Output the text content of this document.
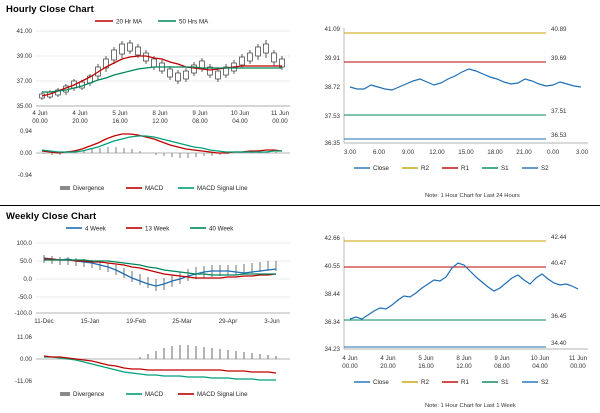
Hourly Close Chart
41.00
39.00
37.00
35.00
20 Hr MA	50 Hrs MA
4 Jun
00.00
4 Jun
20.00
5 Jun
16.00
8 Jun
12.00
9 Jun
08.00
10 Jun
04.00
11 Jun
00.00
0.94
0.00
-0.94
Divergence	MACD	MACD Signal Line
41.09
39.91
38.72
37.53
36.35
40.89
39.69
37.51
36.53
3.00	6.00	9.00 12.00 15.00 18.00 21.00 0.00	3.00
Close	R2	R1	S1	S2
Note: 1 Hour Chart for Last 24 Hours
Weekly Close Chart
100.0
50.0
0.0
-50.0
-100.0
4 Week	13 Week	40 Week
11-Dec	15-Jan	19-Feb	25-Mar	29-Apr	3-Jun
11.06
0.00
-11.06
Divergence	MACD	MACD Signal Line
42.66
40.55
38.44
36.34
34.23
42.44
40.47
36.45
34.40
4 Jun
00.00
4 Jun
20.00
5 Jun
16.00
8 Jun
12.00
9 Jun
08.00
10 Jun
04.00
11 Jun
00.00
Close	R2	R1	S1	S2
Note: 1 Hour Chart for Last 1 Week
